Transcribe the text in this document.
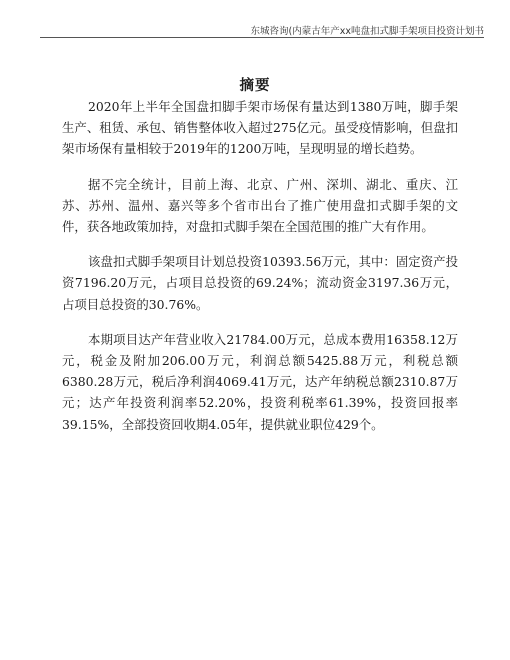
东城咨询(内蒙古年产xx吨盘扣式脚手架项目投资计划书
摘要

2020年上半年全国盘扣脚手架市场保有量达到1380万吨，脚手架生产、租赁、承包、销售整体收入超过275亿元。虽受疫情影响，但盘扣架市场保有量相较于2019年的1200万吨，呈现明显的增长趋势。

据不完全统计，目前上海、北京、广州、深圳、湖北、重庆、江苏、苏州、温州、嘉兴等多个省市出台了推广使用盘扣式脚手架的文件，获各地政策加持，对盘扣式脚手架在全国范围的推广大有作用。

该盘扣式脚手架项目计划总投资10393.56万元，其中：固定资产投资7196.20万元，占项目总投资的69.24%；流动资金3197.36万元，占项目总投资的30.76%。

本期项目达产年营业收入21784.00万元，总成本费用16358.12万元，税金及附加206.00万元，利润总额5425.88万元，利税总额6380.28万元，税后净利润4069.41万元，达产年纳税总额2310.87万元；达产年投资利润率52.20%，投资利税率61.39%，投资回报率39.15%，全部投资回收期4.05年，提供就业职位429个。
